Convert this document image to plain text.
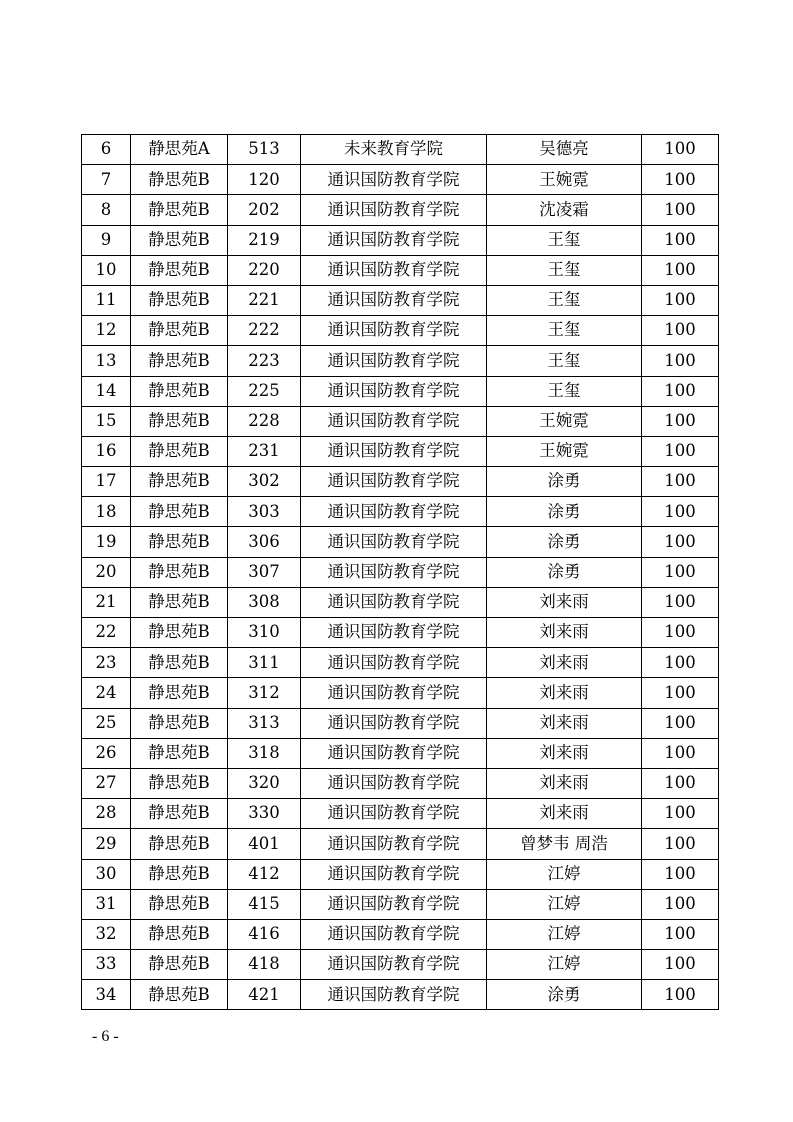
6	静思苑A	513	未来教育学院	吴德亮	100
7	静思苑B	120	通识国防教育学院	王婉霓	100
8	静思苑B	202	通识国防教育学院	沈凌霜	100
9	静思苑B	219	通识国防教育学院	王玺	100
10	静思苑B	220	通识国防教育学院	王玺	100
11	静思苑B	221	通识国防教育学院	王玺	100
12	静思苑B	222	通识国防教育学院	王玺	100
13	静思苑B	223	通识国防教育学院	王玺	100
14	静思苑B	225	通识国防教育学院	王玺	100
15	静思苑B	228	通识国防教育学院	王婉霓	100
16	静思苑B	231	通识国防教育学院	王婉霓	100
17	静思苑B	302	通识国防教育学院	涂勇	100
18	静思苑B	303	通识国防教育学院	涂勇	100
19	静思苑B	306	通识国防教育学院	涂勇	100
20	静思苑B	307	通识国防教育学院	涂勇	100
21	静思苑B	308	通识国防教育学院	刘来雨	100
22	静思苑B	310	通识国防教育学院	刘来雨	100
23	静思苑B	311	通识国防教育学院	刘来雨	100
24	静思苑B	312	通识国防教育学院	刘来雨	100
25	静思苑B	313	通识国防教育学院	刘来雨	100
26	静思苑B	318	通识国防教育学院	刘来雨	100
27	静思苑B	320	通识国防教育学院	刘来雨	100
28	静思苑B	330	通识国防教育学院	刘来雨	100
29	静思苑B	401	通识国防教育学院	曾梦韦 周浩	100
30	静思苑B	412	通识国防教育学院	江婷	100
31	静思苑B	415	通识国防教育学院	江婷	100
32	静思苑B	416	通识国防教育学院	江婷	100
33	静思苑B	418	通识国防教育学院	江婷	100
34	静思苑B	421	通识国防教育学院	涂勇	100
- 6 -
